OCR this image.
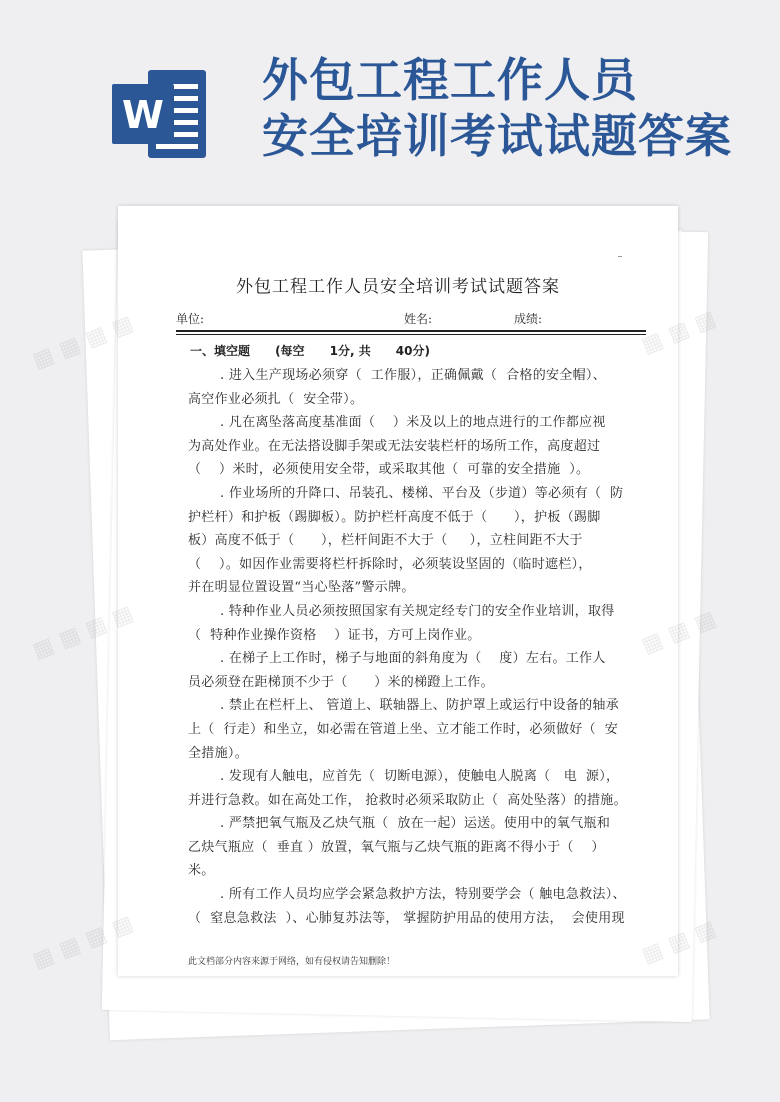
W
外包工程工作人员
安全培训考试试题答案
外包工程工作人员安全培训考试试题答案
单位:	姓名:	成绩:
一、填空题      (每空      1分, 共      40分)

. 进入生产现场必须穿（  工作服），正确佩戴（  合格的安全帽）、
高空作业必须扎（  安全带）。

. 凡在离坠落高度基准面（    ）米及以上的地点进行的工作都应视
为高处作业。在无法搭设脚手架或无法安装栏杆的场所工作，高度超过
（    ）米时，必须使用安全带，或采取其他（  可靠的安全措施  ）。

. 作业场所的升降口、吊装孔、楼梯、平台及（步道）等必须有（  防
护栏杆）和护板（踢脚板）。防护栏杆高度不低于（      ），护板（踢脚
板）高度不低于（      ），栏杆间距不大于（     ），立柱间距不大于
（    ）。如因作业需要将栏杆拆除时，必须装设坚固的（临时遮栏），
并在明显位置设置“当心坠落”警示牌。

. 特种作业人员必须按照国家有关规定经专门的安全作业培训，取得
（  特种作业操作资格    ）证书，方可上岗作业。

. 在梯子上工作时，梯子与地面的斜角度为（    度）左右。工作人
员必须登在距梯顶不少于（      ）米的梯蹬上工作。

. 禁止在栏杆上、 管道上、联轴器上、防护罩上或运行中设备的轴承
上（  行走）和坐立，如必需在管道上坐、立才能工作时，必须做好（  安
全措施）。

. 发现有人触电，应首先（  切断电源），使触电人脱离（   电  源），
并进行急救。如在高处工作， 抢救时必须采取防止（  高处坠落）的措施。

. 严禁把氧气瓶及乙炔气瓶（  放在一起）运送。使用中的氧气瓶和
乙炔气瓶应（  垂直 ）放置，氧气瓶与乙炔气瓶的距离不得小于（    ）
米。

. 所有工作人员均应学会紧急救护方法，特别要学会（ 触电急救法）、
（  窒息急救法  ）、心肺复苏法等， 掌握防护用品的使用方法，  会使用现

此文档部分内容来源于网络，如有侵权请告知删除！
▦ ▦ ▦ ▦
▦ ▦ ▦ ▦	▦
▦ ▦ ▦ ▦
